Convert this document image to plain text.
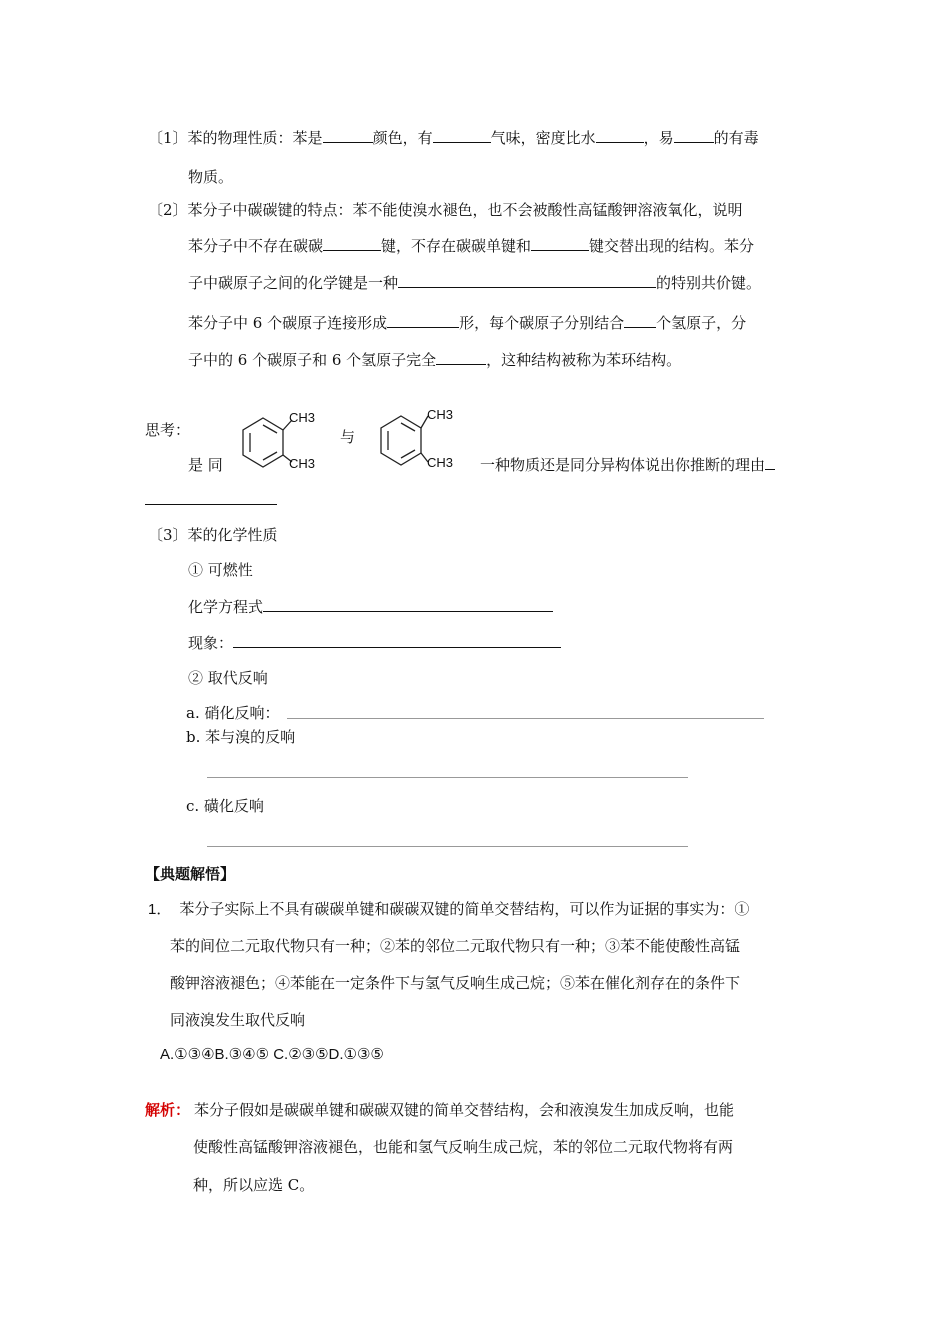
〔1〕苯的物理性质：苯是	颜色，有	气味，密度比水	，易	的有毒
物质。
〔2〕苯分子中碳碳键的特点：苯不能使溴水褪色，也不会被酸性高锰酸钾溶液氧化，说明
苯分子中不存在碳碳	键，不存在碳碳单键和	键交替出现的结构。苯分
子中碳原子之间的化学键是一种	的特别共价键。
苯分子中 6 个碳原子连接形成	形，每个碳原子分别结合 个氢原子，分
子中的 6 个碳原子和 6 个氢原子完全	，这种结构被称为苯环结构。
思考：
是 同
与
CH3
CH3
CH3
CH3 一种物质还是同分异构体说出你推断的理由
〔3〕苯的化学性质
① 可燃性
化学方程式
现象：
② 取代反响
a. 硝化反响：
b. 苯与溴的反响
c. 磺化反响
【典题解悟】
1． 苯分子实际上不具有碳碳单键和碳碳双键的简单交替结构，可以作为证据的事实为：①
苯的间位二元取代物只有一种；②苯的邻位二元取代物只有一种；③苯不能使酸性高锰
酸钾溶液褪色；④苯能在一定条件下与氢气反响生成己烷；⑤苯在催化剂存在的条件下
同液溴发生取代反响
A.①③④B.③④⑤ C.②③⑤D.①③⑤
解析： 苯分子假如是碳碳单键和碳碳双键的简单交替结构，会和液溴发生加成反响，也能
使酸性高锰酸钾溶液褪色，也能和氢气反响生成己烷，苯的邻位二元取代物将有两
种，所以应选 C。
